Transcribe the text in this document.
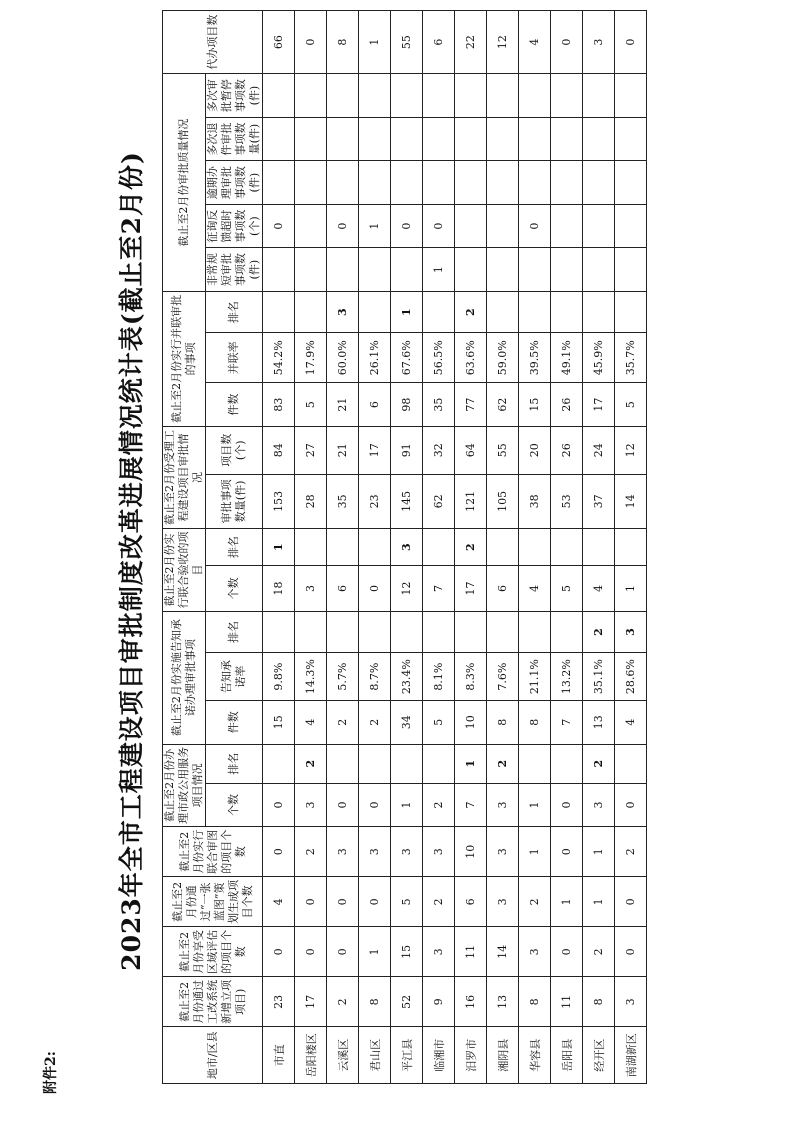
附件2:
2023年全市工程建设项目审批制度改革进展情况统计表(截止至2月份)
地市/区县	截止至2月份通过工改系统新增立项项目)	截止至2月份享受区域评估的项目个数	截止至2月份通过“一张蓝图”策划生成项目个数	截止至2月份实行联合审图的项目个数	截止至2月份办理市政公用服务项目情况		截止至2月份实施告知承诺办理审批事项			截止至2月份实行联合验收的项目		截止至2月份受理工程建设项目审批情况		截止至2月份实行并联审批的事项			截止至2月份审批质量情况					代办项目数
					个数	排名	件数	告知承诺率	排名	个数	排名	审批事项数量(件)	项目数(个)	件数	并联率	排名	非常规短审批事项数(件)	征询反馈超时事项数(个)	逾期办理审批事项数(件)	多次退件审批事项数量(件)	多次审批暂停事项数(件)	

市直	23	0	4	0	0		15	9.8%		18	1	153	84	83	54.2%			0				66
岳阳楼区	17	0	0	2	3	2	4	14.3%		3		28	27	5	17.9%							0
云溪区	2	0	0	3	0		2	5.7%		6		35	21	21	60.0%	3		0				8
君山区	8	1	0	3	0		2	8.7%		0		23	17	6	26.1%			1				1
平江县	52	15	5	3	1		34	23.4%		12	3	145	91	98	67.6%	1		0				55
临湘市	9	3	2	3	2		5	8.1%		7		62	32	35	56.5%		1	0				6
汨罗市	16	11	6	10	7	1	10	8.3%		17	2	121	64	77	63.6%	2						22
湘阴县	13	14	3	3	3	2	8	7.6%		6		105	55	62	59.0%							12
华容县	8	3	2	1	1		8	21.1%		4		38	20	15	39.5%			0				4
岳阳县	11	0	1	0	0		7	13.2%		5		53	26	26	49.1%							0
经开区	8	2	1	1	3	2	13	35.1%	2	4		37	24	17	45.9%							3
南湖新区	3	0	0	2	0		4	28.6%	3	1		14	12	5	35.7%							0
